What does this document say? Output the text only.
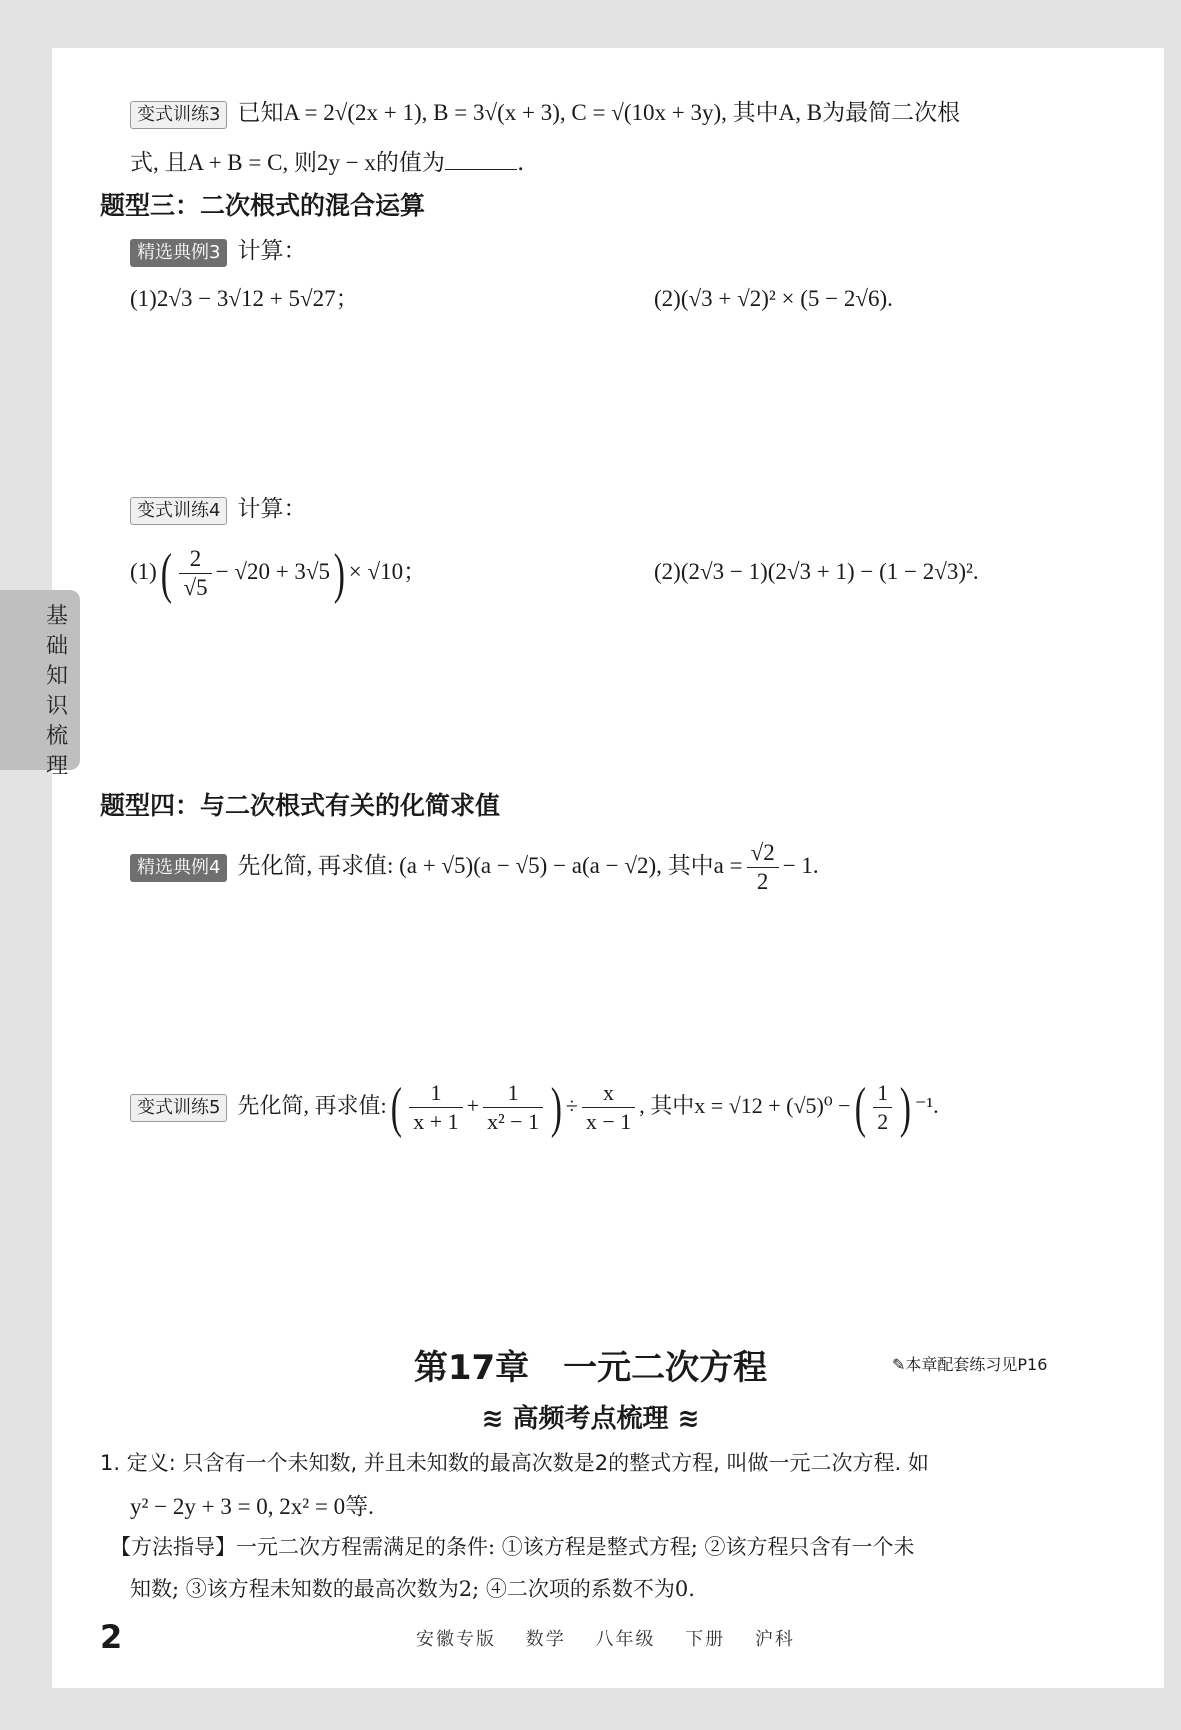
基础知识梳理
变式训练3 已知A = 2√(2x + 1), B = 3√(x + 3), C = √(10x + 3y), 其中A, B为最简二次根
式, 且A + B = C, 则2y − x的值为	.
题型三：二次根式的混合运算
精选典例3 计算：
(1)2√3 − 3√12 + 5√27；	(2)(√3 + √2)² × (5 − 2√6).
变式训练4 计算：
$(1)( \frac{2}{√5} - √20 + 3√5) \times √10$；	(2)(2√3 − 1)(2√3 + 1) − (1 − 2√3)².
题型四：与二次根式有关的化简求值
精选典例4 先化简, 再求值: (a + √5)(a − √5) − a(a − √2), 其中$a = \frac{√2}{2} - 1$.
变式训练5 先化简, 再求值:( $\frac{1}{x + 1} + \frac{1}{\text{x² − 1}}$ ) ÷ $\frac{x}{x - 1}$ , 其中x = √12 + (√5)⁰ −( $\frac{1}{2}$ ) ⁻¹.
第17章　一元二次方程	✎本章配套练习见P16
≋ 高频考点梳理 ≋
1. 定义: 只含有一个未知数, 并且未知数的最高次数是2的整式方程, 叫做一元二次方程. 如
y² − 2y + 3 = 0, 2x² = 0等.
【方法指导】一元二次方程需满足的条件: ①该方程是整式方程; ②该方程只含有一个未
知数; ③该方程未知数的最高次数为2; ④二次项的系数不为0.
2	安徽专版 数学 八年级 下册 沪科
